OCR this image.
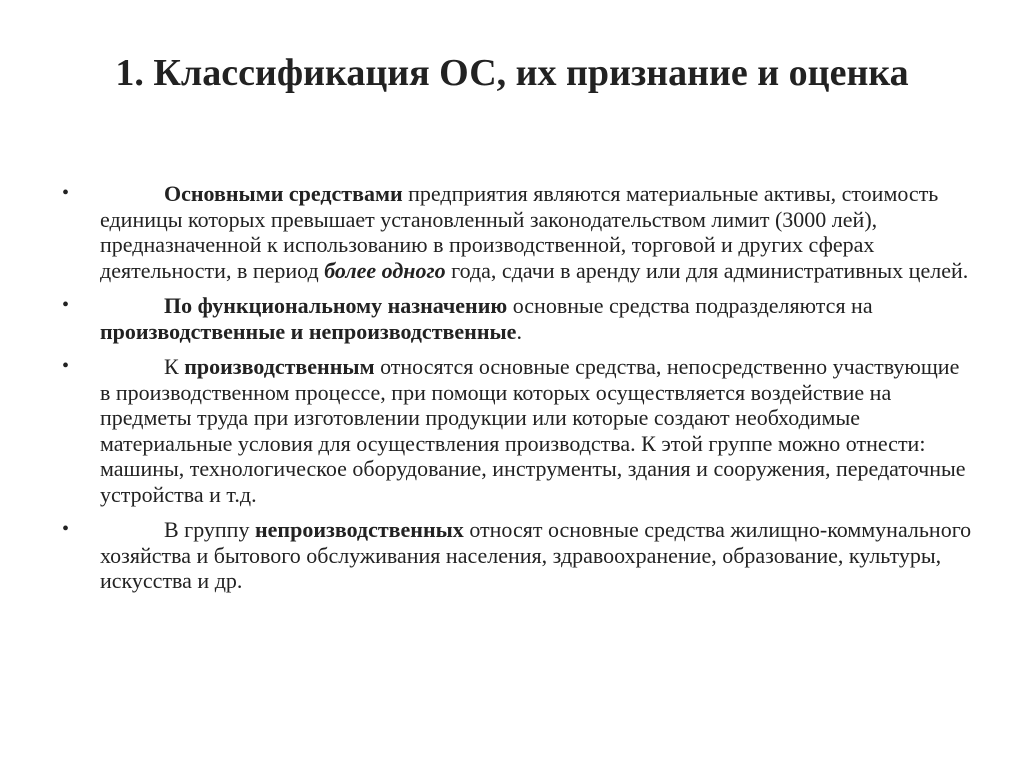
1. Классификация ОС, их признание и оценка
•	Основными средствами предприятия являются материальные активы, стоимость единицы которых превышает установленный законодательством лимит (3000 лей), предназначенной к использованию в производственной, торговой и других сферах деятельности, в период более одного года, сдачи в аренду или для административных целей.
•	По функциональному назначению основные средства подразделяются на производственные и непроизводственные.
•	К производственным относятся основные средства, непосредственно участвующие в производственном процессе, при помощи которых осуществляется воздействие на предметы труда при изготовлении продукции или которые создают необходимые материальные условия для осуществления производства. К этой группе можно отнести: машины, технологическое оборудование, инструменты, здания и сооружения, передаточные устройства и т.д.
•	В группу непроизводственных относят основные средства жилищно-коммунального хозяйства и бытового обслуживания населения, здравоохранение, образование, культуры, искусства и др.
